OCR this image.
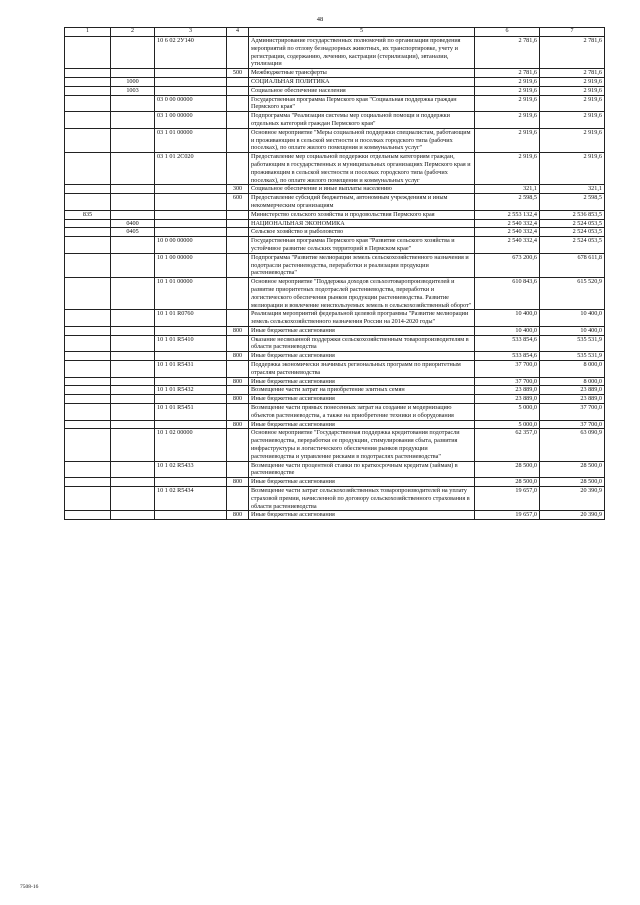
48
1	2	3	4	5	6	7
		10 6 02 2У140		Администрирование государственных полномочий по организации проведения мероприятий по отлову безнадзорных животных, их транспортировке, учету и регистрации, содержанию, лечению, кастрации (стерилизации), эвтаназии, утилизации	2 781,6	2 781,6
			500	Межбюджетные трансферты	2 781,6	2 781,6
	1000			СОЦИАЛЬНАЯ ПОЛИТИКА	2 919,6	2 919,6
	1003			Социальное обеспечение населения	2 919,6	2 919,6
		03 0 00 00000		Государственная программа Пермского края "Социальная поддержка граждан Пермского края"	2 919,6	2 919,6
		03 1 00 00000		Подпрограмма "Реализация системы мер социальной помощи и поддержки отдельных категорий граждан Пермского края"	2 919,6	2 919,6
		03 1 01 00000		Основное мероприятие "Меры социальной поддержки специалистам, работающим и проживающим в сельской местности и поселках городского типа (рабочих поселках), по оплате жилого помещения и коммунальных услуг"	2 919,6	2 919,6
		03 1 01 2С020		Предоставление мер социальной поддержки отдельным категориям граждан, работающим в государственных и муниципальных организациях Пермского края и проживающим в сельской местности и поселках городского типа (рабочих поселках), по оплате жилого помещения и коммунальных услуг	2 919,6	2 919,6
			300	Социальное обеспечение и иные выплаты населению	321,1	321,1
			600	Предоставление субсидий бюджетным, автономным учреждениям и иным некоммерческим организациям	2 598,5	2 598,5
835				Министерство сельского хозяйства и продовольствия Пермского края	2 553 132,4	2 536 853,5
	0400			НАЦИОНАЛЬНАЯ ЭКОНОМИКА	2 540 332,4	2 524 053,5
	0405			Сельское хозяйство и рыболовство	2 540 332,4	2 524 053,5
		10 0 00 00000		Государственная программа Пермского края "Развитие сельского хозяйства и устойчивое развитие сельских территорий в Пермском крае"	2 540 332,4	2 524 053,5
		10 1 00 00000		Подпрограмма "Развитие мелиорации земель сельскохозяйственного назначения и подотрасли растениеводства, переработки и реализации продукции растениеводства"	673 200,6	678 611,8
		10 1 01 00000		Основное мероприятие "Поддержка доходов сельхозтоваропроизводителей и развитие приоритетных подотраслей растениеводства, переработки и логистического обеспечения рынков продукции растениеводства. Развитие мелиорации и вовлечение неиспользуемых земель в сельскохозяйственный оборот"	610 843,6	615 520,9
		10 1 01 R0760		Реализация мероприятий федеральной целевой программы "Развитие мелиорации земель сельскохозяйственного назначения России на 2014-2020 годы"	10 400,0	10 400,0
			800	Иные бюджетные ассигнования	10 400,0	10 400,0
		10 1 01 R5410		Оказание несвязанной поддержки сельскохозяйственным товаропроизводителям в области растениеводства	533 854,6	535 531,9
			800	Иные бюджетные ассигнования	533 854,6	535 531,9
		10 1 01 R5431		Поддержка экономически значимых региональных программ по приоритетным отраслям растениеводства	37 700,0	8 000,0
			800	Иные бюджетные ассигнования	37 700,0	8 000,0
		10 1 01 R5432		Возмещение части затрат на приобретение элитных семян	23 889,0	23 889,0
			800	Иные бюджетные ассигнования	23 889,0	23 889,0
		10 1 01 R5451		Возмещение части прямых понесенных затрат на создание и модернизацию объектов растениеводства, а также на приобретение техники и оборудования	5 000,0	37 700,0
			800	Иные бюджетные ассигнования	5 000,0	37 700,0
		10 1 02 00000		Основное мероприятие "Государственная поддержка кредитования подотрасли растениеводства, переработки ее продукции, стимулирования сбыта, развития инфраструктуры и логистического обеспечения рынков продукции растениеводства и управление рисками в подотраслях растениеводства"	62 357,0	63 090,9
		10 1 02 R5433		Возмещение части процентной ставки по краткосрочным кредитам (займам) в растениеводстве	28 500,0	28 500,0
			800	Иные бюджетные ассигнования	28 500,0	28 500,0
		10 1 02 R5434		Возмещение части затрат сельскохозяйственных товаропроизводителей на уплату страховой премии, начисленной по договору сельскохозяйственного страхования в области растениеводства	19 657,0	20 390,9
			800	Иные бюджетные ассигнования	19 657,0	20 390,9
7508-16
